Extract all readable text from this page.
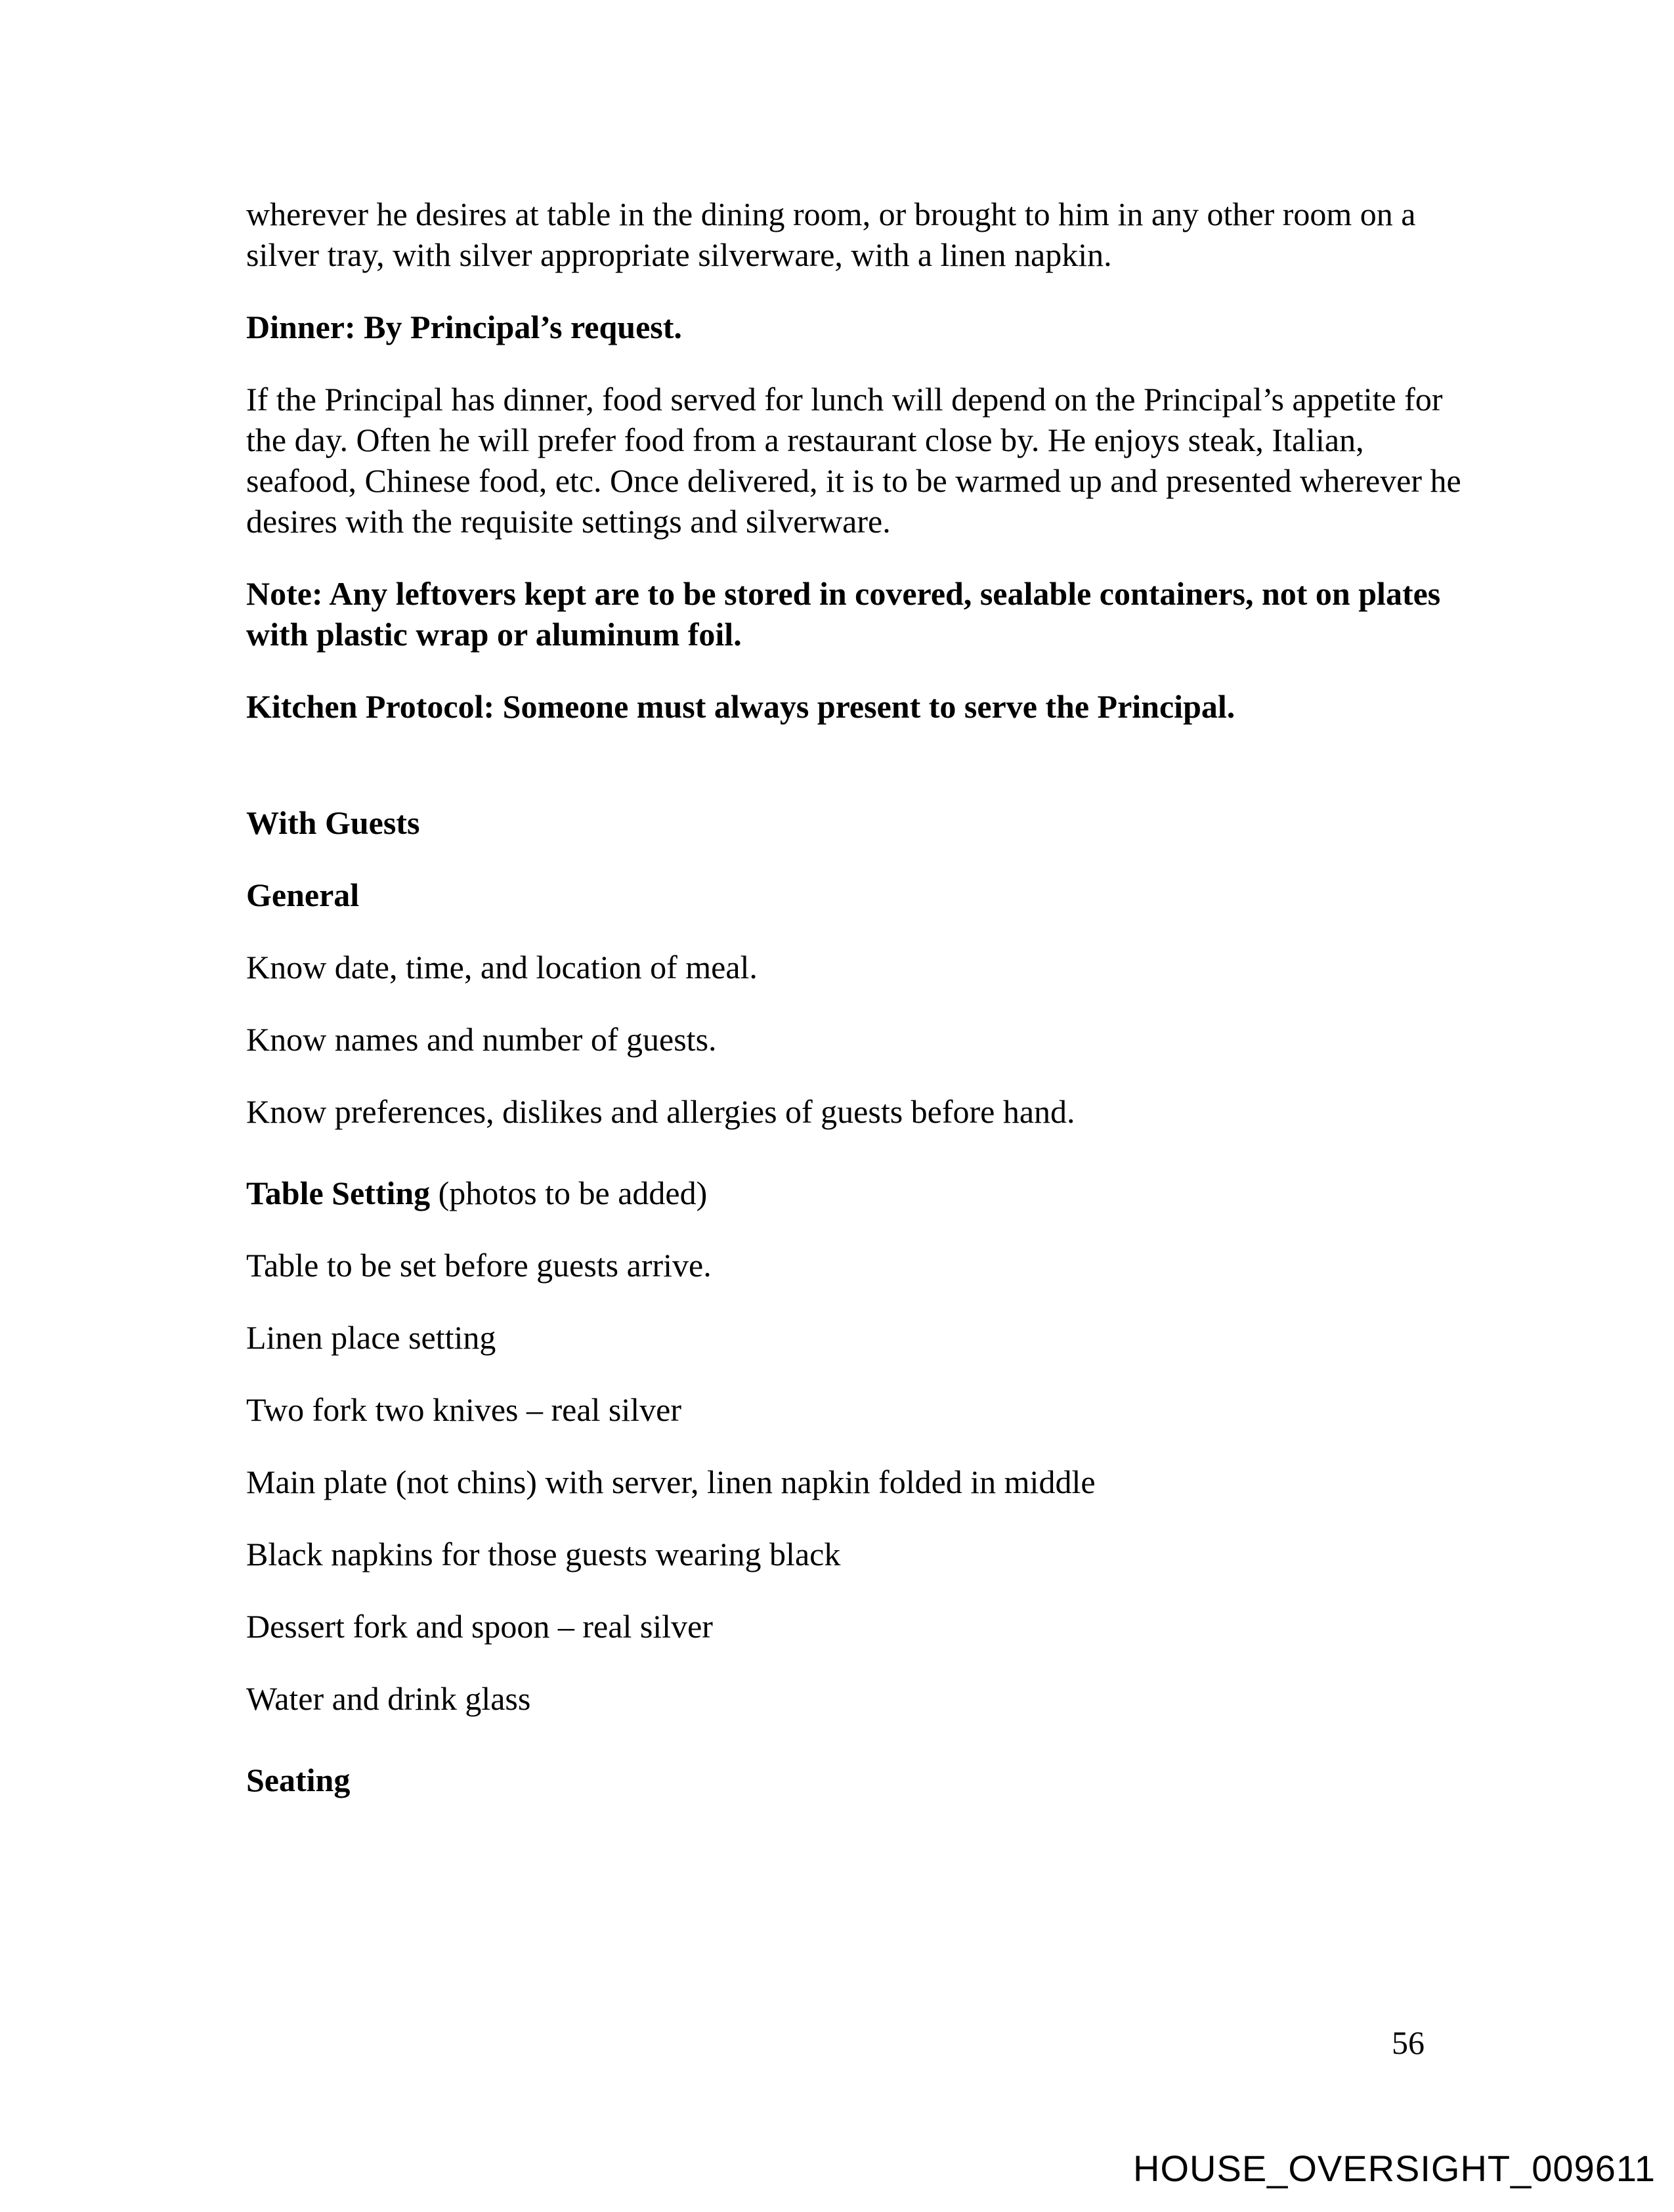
wherever he desires at table in the dining room, or brought to him in any other room on a silver tray, with silver appropriate silverware, with a linen napkin.

Dinner: By Principal’s request.

If the Principal has dinner, food served for lunch will depend on the Principal’s appetite for the day. Often he will prefer food from a restaurant close by. He enjoys steak, Italian, seafood, Chinese food, etc. Once delivered, it is to be warmed up and presented wherever he desires with the requisite settings and silverware.

Note: Any leftovers kept are to be stored in covered, sealable containers, not on plates with plastic wrap or aluminum foil.

Kitchen Protocol: Someone must always present to serve the Principal.

With Guests

General

Know date, time, and location of meal.

Know names and number of guests.

Know preferences, dislikes and allergies of guests before hand.

Table Setting (photos to be added)

Table to be set before guests arrive.

Linen place setting

Two fork two knives – real silver

Main plate (not chins) with server, linen napkin folded in middle

Black napkins for those guests wearing black

Dessert fork and spoon – real silver

Water and drink glass

Seating

56
HOUSE_OVERSIGHT_009611
